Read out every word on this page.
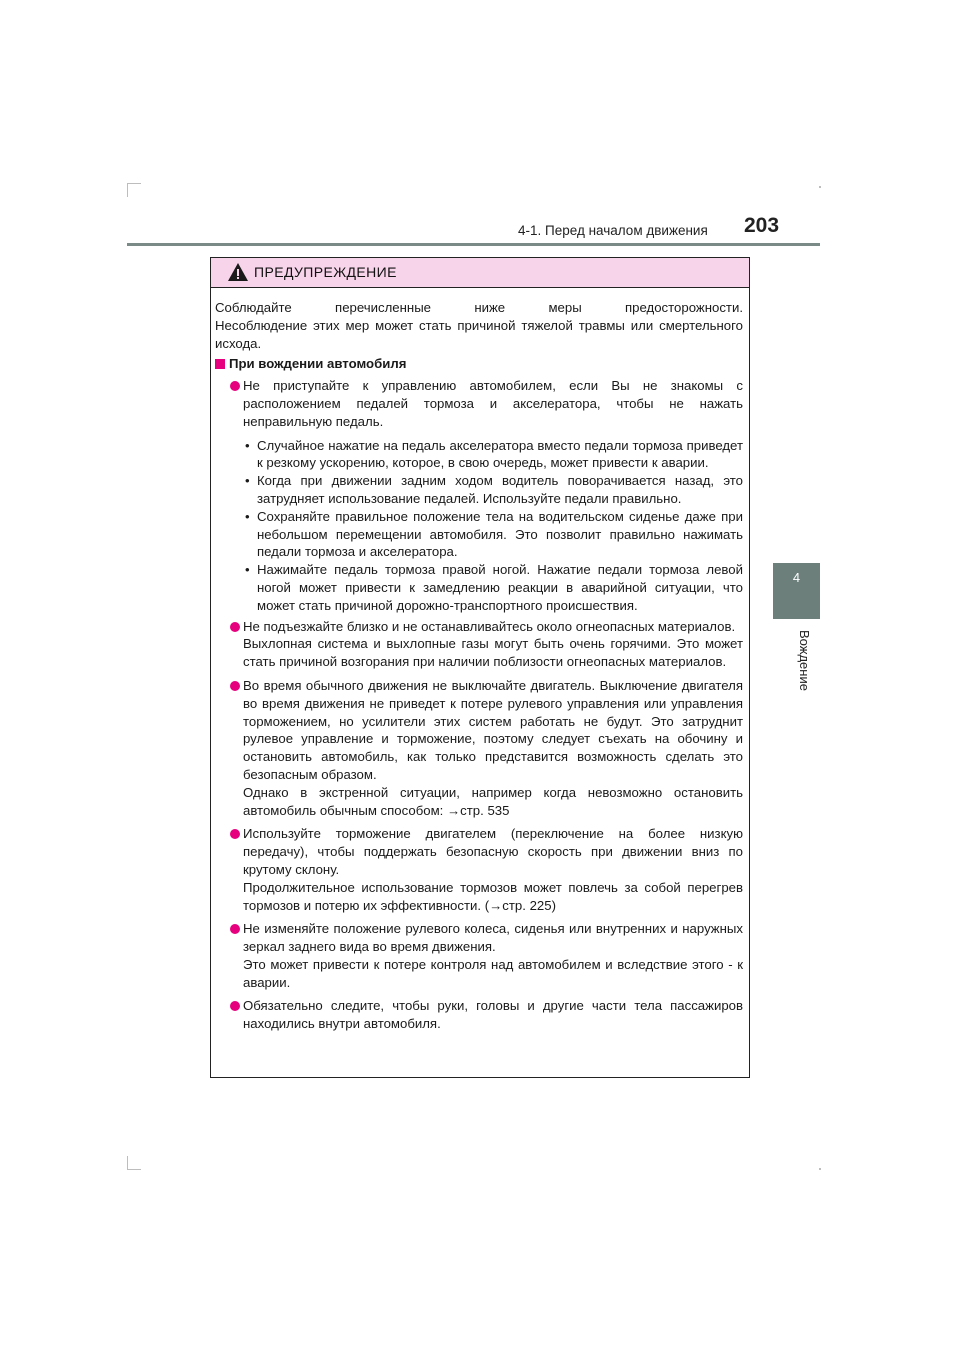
4-1. Перед началом движения 203
4
Вождение
ПРЕДУПРЕЖДЕНИЕ

Соблюдайте перечисленные ниже меры предосторожности.

Несоблюдение этих мер может стать причиной тяжелой травмы или смертельного исхода.

При вождении автомобиля

Не приступайте к управлению автомобилем, если Вы не знакомы с расположением педалей тормоза и акселератора, чтобы не нажать неправильную педаль.

• Случайное нажатие на педаль акселератора вместо педали тормоза приведет к резкому ускорению, которое, в свою очередь, может привести к аварии.

• Когда при движении задним ходом водитель поворачивается назад, это затрудняет использование педалей. Используйте педали правильно.

• Сохраняйте правильное положение тела на водительском сиденье даже при небольшом перемещении автомобиля. Это позволит правильно нажимать педали тормоза и акселератора.

• Нажимайте педаль тормоза правой ногой. Нажатие педали тормоза левой ногой может привести к замедлению реакции в аварийной ситуации, что может стать причиной дорожно-транспортного происшествия.

Не подъезжайте близко и не останавливайтесь около огнеопасных материалов.

Выхлопная система и выхлопные газы могут быть очень горячими. Это может стать причиной возгорания при наличии поблизости огнеопасных материалов.

Во время обычного движения не выключайте двигатель. Выключение двигателя во время движения не приведет к потере рулевого управления или управления торможением, но усилители этих систем работать не будут. Это затруднит рулевое управление и торможение, поэтому следует съехать на обочину и остановить автомобиль, как только представится возможность сделать это безопасным образом.

Однако в экстренной ситуации, например когда невозможно остановить автомобиль обычным способом: →стр. 535

Используйте торможение двигателем (переключение на более низкую передачу), чтобы поддержать безопасную скорость при движении вниз по крутому склону.

Продолжительное использование тормозов может повлечь за собой перегрев тормозов и потерю их эффективности. (→стр. 225)

Не изменяйте положение рулевого колеса, сиденья или внутренних и наружных зеркал заднего вида во время движения.

Это может привести к потере контроля над автомобилем и вследствие этого - к аварии.

Обязательно следите, чтобы руки, головы и другие части тела пассажиров находились внутри автомобиля.
